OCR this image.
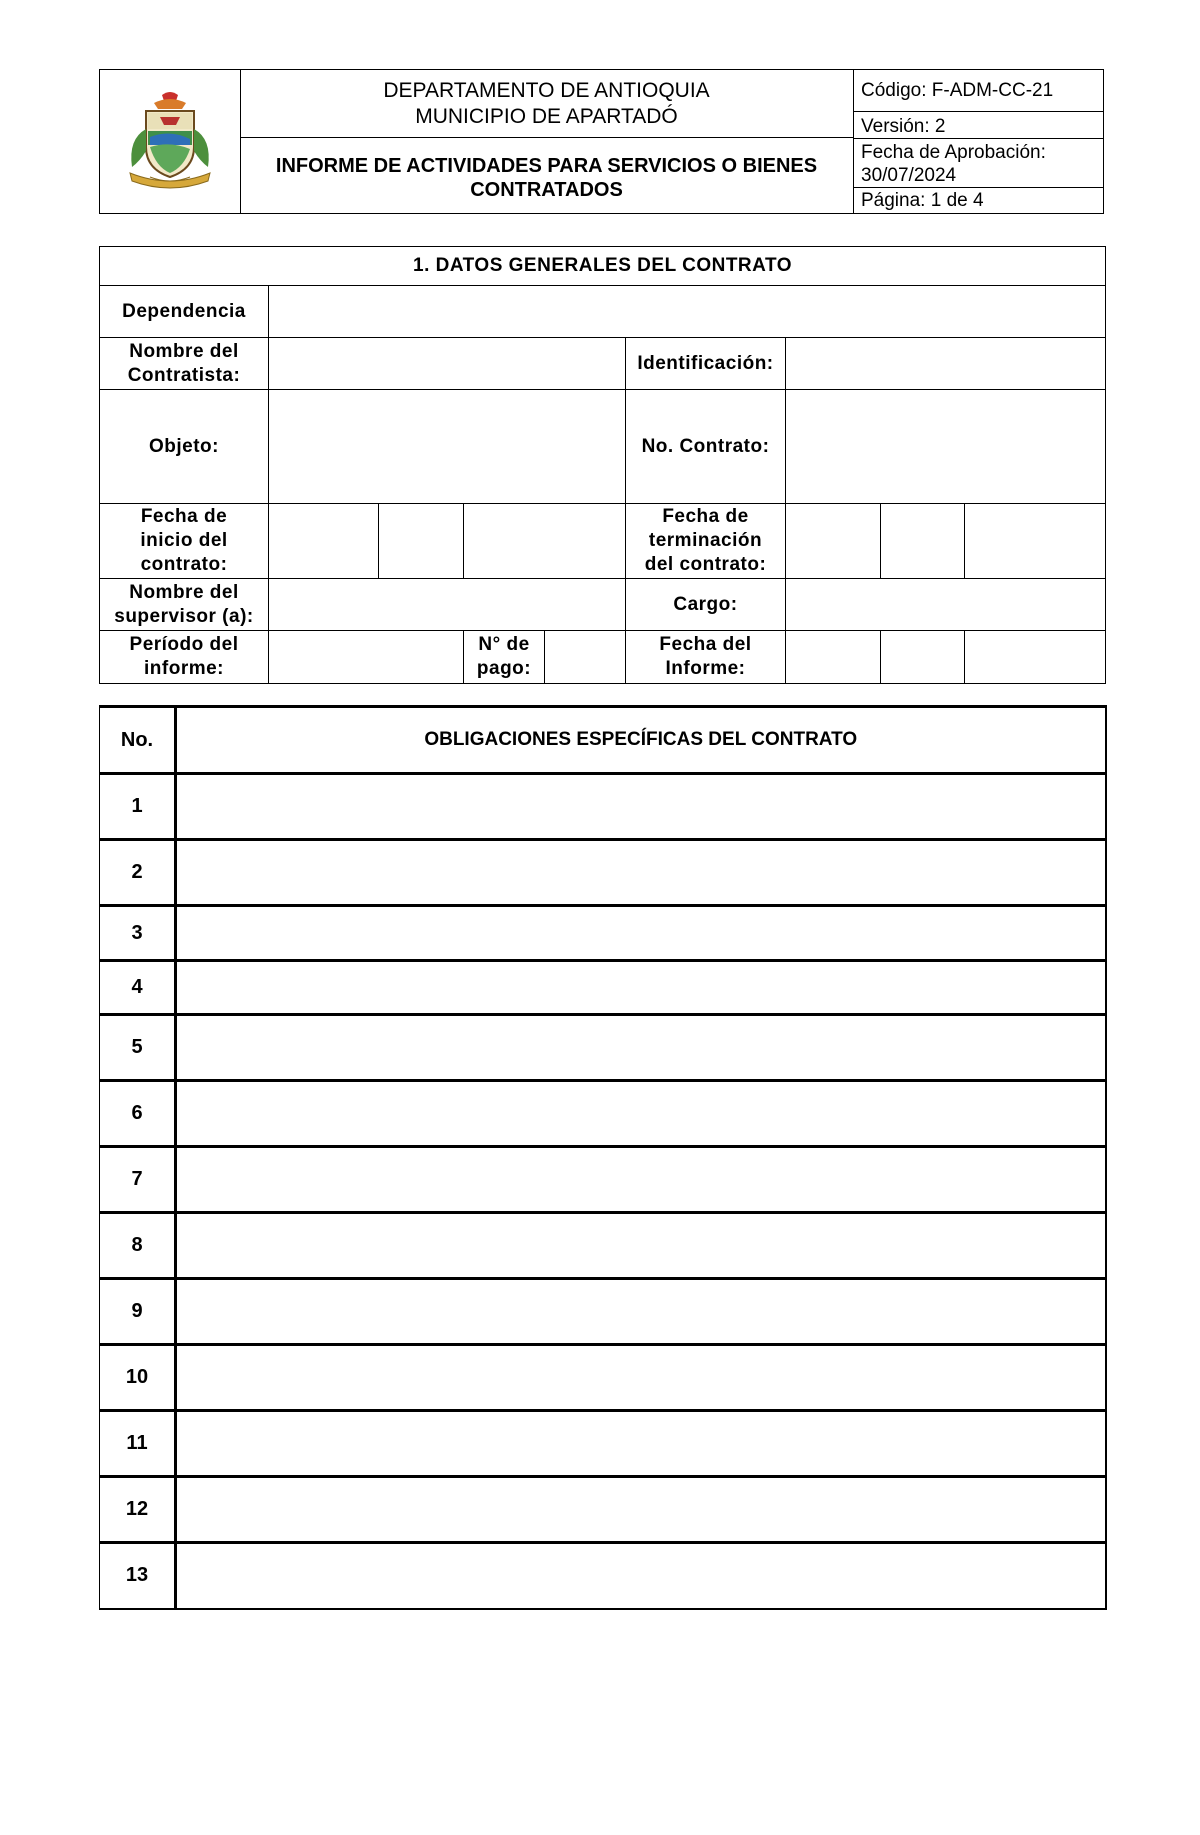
DEPARTAMENTO DE ANTIOQUIA
MUNICIPIO DE APARTADÓ
INFORME DE ACTIVIDADES PARA SERVICIOS O BIENES CONTRATADOS
Código: F-ADM-CC-21
Versión: 2
Fecha de Aprobación:
30/07/2024
Página: 1 de 4
1. DATOS GENERALES DEL CONTRATO							
Dependencia							
Nombre del
Contratista:				Identificación:			
Objeto:				No. Contrato:			
Fecha de
inicio del
contrato:				Fecha de
terminación
del contrato:			
Nombre del
supervisor (a):				Cargo:			
Período del
informe:			N° de
pago:	Fecha del
Informe:			
No.	OBLIGACIONES ESPECÍFICAS DEL CONTRATO
1	
2	
3	
4	
5	
6	
7	
8	
9	
10	
11	
12	
13	
